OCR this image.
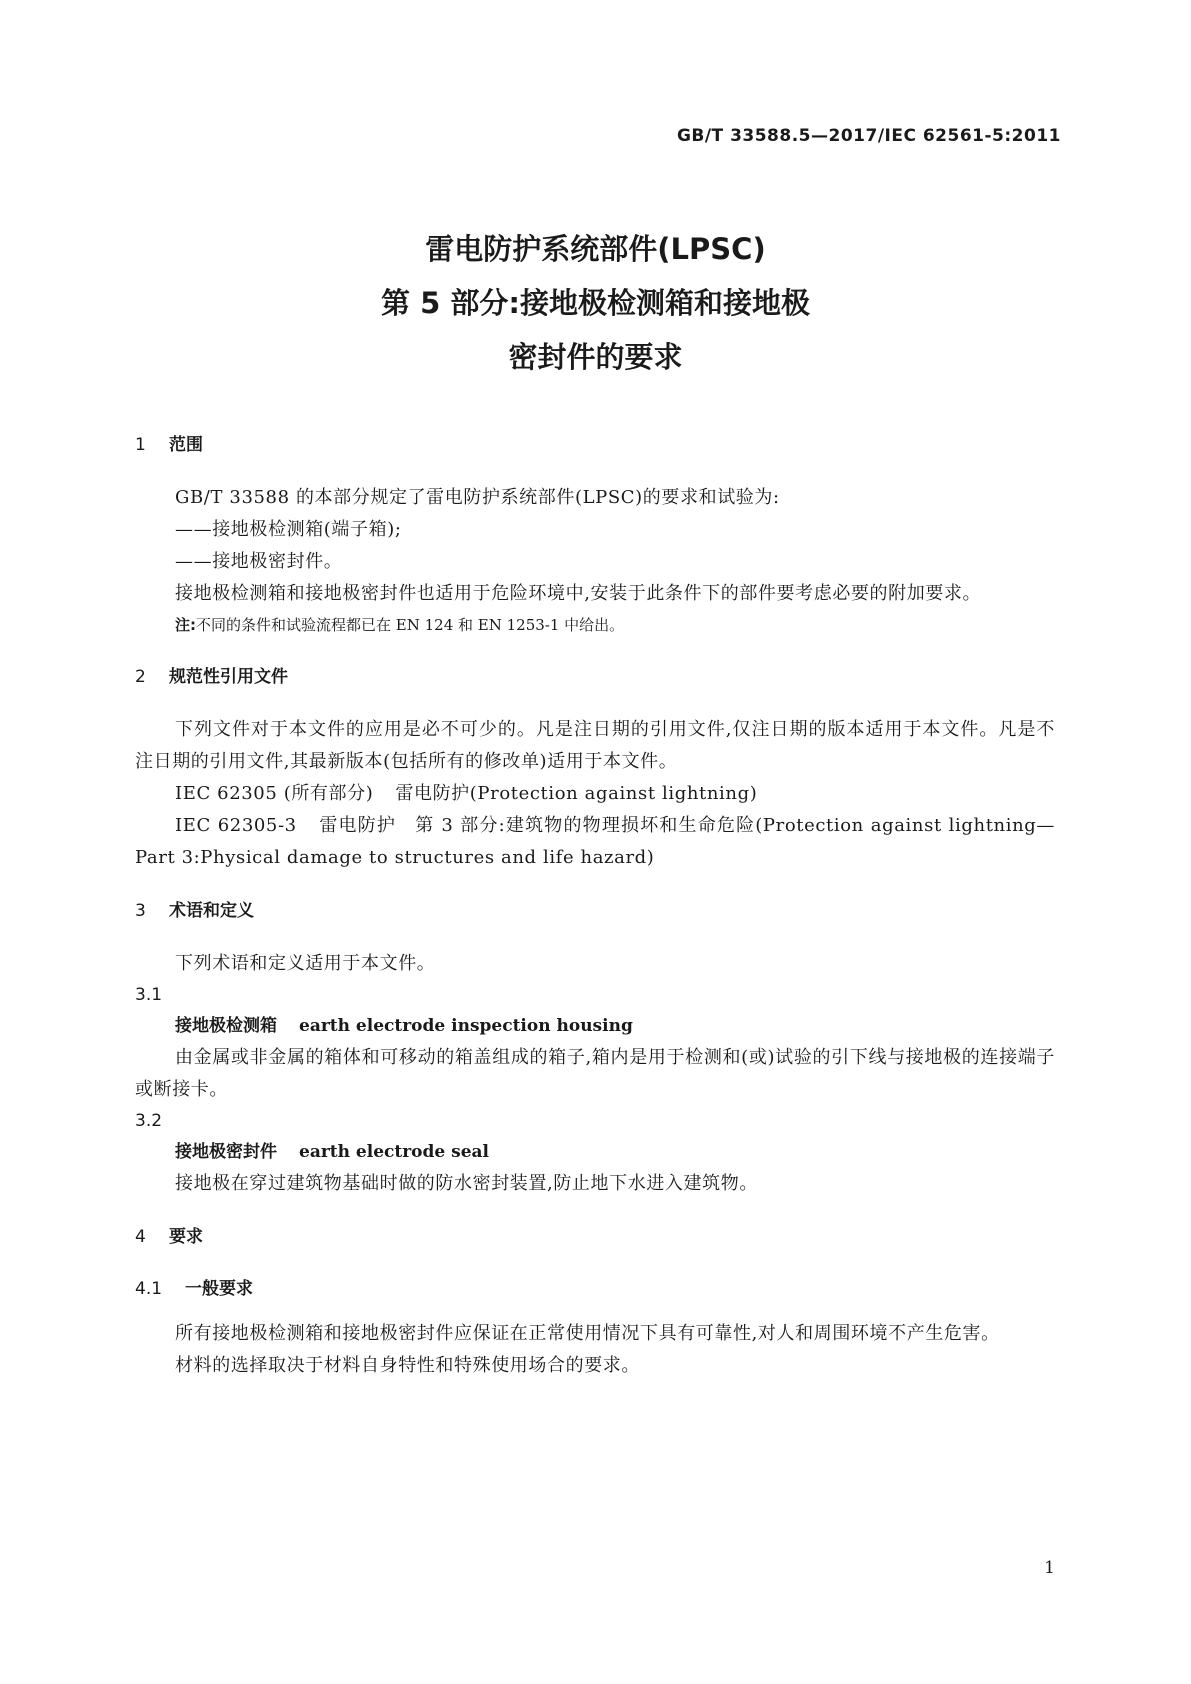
GB/T 33588.5—2017/IEC 62561-5:2011
雷电防护系统部件(LPSC)
第 5 部分:接地极检测箱和接地极
密封件的要求
1 范围
GB/T 33588 的本部分规定了雷电防护系统部件(LPSC)的要求和试验为:
——接地极检测箱(端子箱);
——接地极密封件。
接地极检测箱和接地极密封件也适用于危险环境中,安装于此条件下的部件要考虑必要的附加要求。
注:不同的条件和试验流程都已在 EN 124 和 EN 1253-1 中给出。
2 规范性引用文件
下列文件对于本文件的应用是必不可少的。凡是注日期的引用文件,仅注日期的版本适用于本文件。凡是不注日期的引用文件,其最新版本(包括所有的修改单)适用于本文件。
IEC 62305 (所有部分) 雷电防护(Protection against lightning)
IEC 62305-3 雷电防护　第 3 部分:建筑物的物理损坏和生命危险(Protection against lightning—Part 3:Physical damage to structures and life hazard)
3 术语和定义
下列术语和定义适用于本文件。
3.1
接地极检测箱 earth electrode inspection housing
由金属或非金属的箱体和可移动的箱盖组成的箱子,箱内是用于检测和(或)试验的引下线与接地极的连接端子或断接卡。
3.2
接地极密封件 earth electrode seal
接地极在穿过建筑物基础时做的防水密封装置,防止地下水进入建筑物。
4 要求
4.1 一般要求
所有接地极检测箱和接地极密封件应保证在正常使用情况下具有可靠性,对人和周围环境不产生危害。
材料的选择取决于材料自身特性和特殊使用场合的要求。
1
